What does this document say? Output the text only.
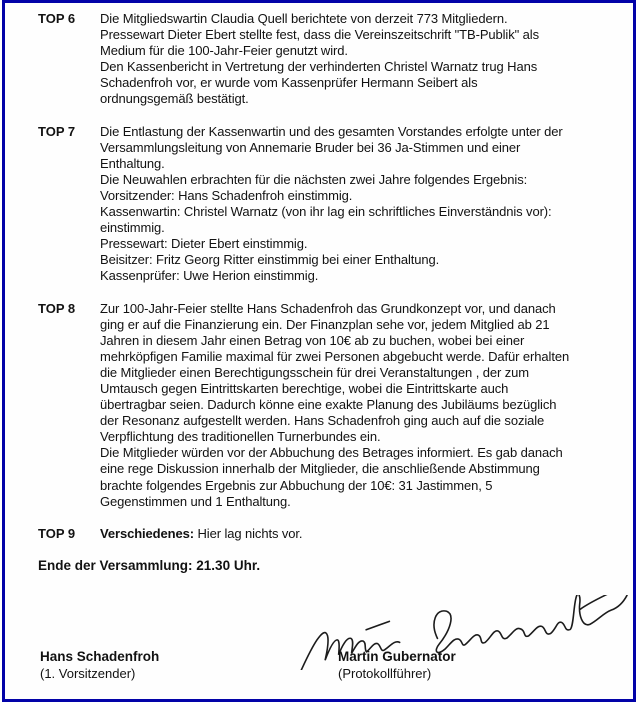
TOP 6	Die Mitgliedswartin Claudia Quell berichtete von derzeit 773 Mitgliedern.
Pressewart Dieter Ebert stellte fest, dass die Vereinszeitschrift "TB-Publik" als
Medium für die 100-Jahr-Feier genutzt wird.
Den Kassenbericht in Vertretung der verhinderten Christel Warnatz trug Hans
Schadenfroh vor, er wurde vom Kassenprüfer Hermann Seibert als
ordnungsgemäß bestätigt.
TOP 7	Die Entlastung der Kassenwartin und des gesamten Vorstandes erfolgte unter der
Versammlungsleitung von Annemarie Bruder bei 36 Ja-Stimmen und einer
Enthaltung.
Die Neuwahlen erbrachten für die nächsten zwei Jahre folgendes Ergebnis:
Vorsitzender: Hans Schadenfroh einstimmig.
Kassenwartin: Christel Warnatz (von ihr lag ein schriftliches Einverständnis vor):
einstimmig.
Pressewart: Dieter Ebert einstimmig.
Beisitzer: Fritz Georg Ritter einstimmig bei einer Enthaltung.
Kassenprüfer: Uwe Herion einstimmig.
TOP 8	Zur 100-Jahr-Feier stellte Hans Schadenfroh das Grundkonzept vor, und danach
ging er auf die Finanzierung ein. Der Finanzplan sehe vor, jedem Mitglied ab 21
Jahren in diesem Jahr einen Betrag von 10€ ab zu buchen, wobei bei einer
mehrköpfigen Familie maximal für zwei Personen abgebucht werde. Dafür erhalten
die Mitglieder einen Berechtigungsschein für drei Veranstaltungen , der zum
Umtausch gegen Eintrittskarten berechtige, wobei die Eintrittskarte auch
übertragbar seien. Dadurch könne eine exakte Planung des Jubiläums bezüglich
der Resonanz aufgestellt werden. Hans Schadenfroh ging auch auf die soziale
Verpflichtung des traditionellen Turnerbundes ein.
Die Mitglieder würden vor der Abbuchung des Betrages informiert. Es gab danach
eine rege Diskussion innerhalb der Mitglieder, die anschließende Abstimmung
brachte folgendes Ergebnis zur Abbuchung der 10€: 31 Jastimmen, 5
Gegenstimmen und 1 Enthaltung.
TOP 9	Verschiedenes: Hier lag nichts vor.
Ende der Versammlung: 21.30 Uhr.
Hans Schadenfroh
(1. Vorsitzender)
Martin Gubernator
(Protokollführer)
